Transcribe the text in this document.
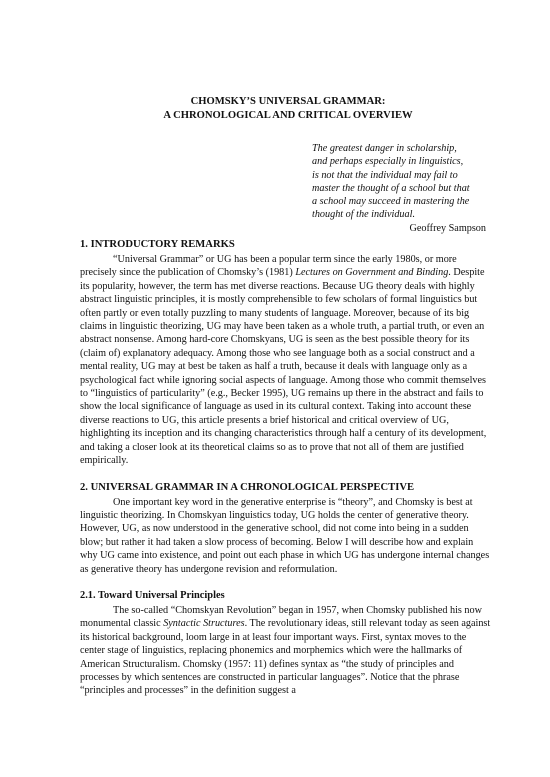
CHOMSKY’S UNIVERSAL GRAMMAR:
A CHRONOLOGICAL AND CRITICAL OVERVIEW
The greatest danger in scholarship,
and perhaps especially in linguistics,
is not that the individual may fail to
master the thought of a school but that
a school may succeed in mastering the
thought of the individual.
Geoffrey Sampson
1. INTRODUCTORY REMARKS

“Universal Grammar” or UG has been a popular term since the early 1980s, or more precisely since the publication of Chomsky’s (1981) Lectures on Government and Binding. Despite its popularity, however, the term has met diverse reactions. Because UG theory deals with highly abstract linguistic principles, it is mostly comprehensible to few scholars of formal linguistics but often partly or even totally puzzling to many students of language. Moreover, because of its big claims in linguistic theorizing, UG may have been taken as a whole truth, a partial truth, or even an abstract nonsense. Among hard-core Chomskyans, UG is seen as the best possible theory for its (claim of) explanatory adequacy. Among those who see language both as a social construct and a mental reality, UG may at best be taken as half a truth, because it deals with language only as a psychological fact while ignoring social aspects of language. Among those who commit themselves to “linguistics of particularity” (e.g., Becker 1995), UG remains up there in the abstract and fails to show the local significance of language as used in its cultural context. Taking into account these diverse reactions to UG, this article presents a brief historical and critical overview of UG, highlighting its inception and its changing characteristics through half a century of its development, and taking a closer look at its theoretical claims so as to prove that not all of them are justified empirically.

2. UNIVERSAL GRAMMAR IN A CHRONOLOGICAL PERSPECTIVE

One important key word in the generative enterprise is “theory”, and Chomsky is best at linguistic theorizing. In Chomskyan linguistics today, UG holds the center of generative theory. However, UG, as now understood in the generative school, did not come into being in a sudden blow; but rather it had taken a slow process of becoming. Below I will describe how and explain why UG came into existence, and point out each phase in which UG has undergone internal changes as generative theory has undergone revision and reformulation.

2.1. Toward Universal Principles

The so-called “Chomskyan Revolution” began in 1957, when Chomsky published his now monumental classic Syntactic Structures. The revolutionary ideas, still relevant today as seen against its historical background, loom large in at least four important ways. First, syntax moves to the center stage of linguistics, replacing phonemics and morphemics which were the hallmarks of American Structuralism. Chomsky (1957: 11) defines syntax as “the study of principles and processes by which sentences are constructed in particular languages”. Notice that the phrase “principles and processes” in the definition suggest a
